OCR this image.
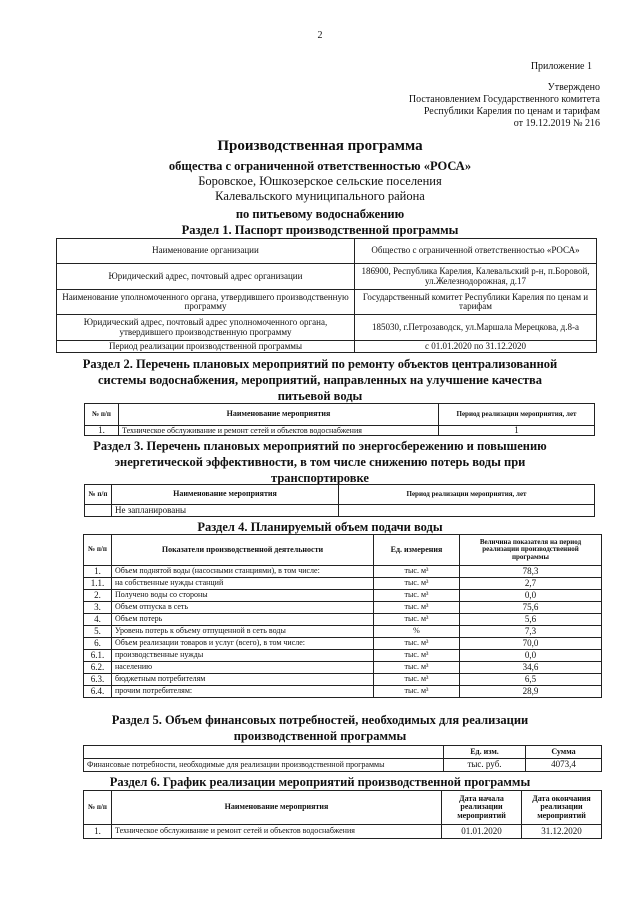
2
Приложение 1
Утверждено
Постановлением Государственного комитета
Республики Карелия по ценам и тарифам
от 19.12.2019 № 216
Производственная программа
общества с ограниченной ответственностью «РОСА»
Боровское, Юшкозерское сельские поселения
Калевальского муниципального района
по питьевому водоснабжению
Раздел 1. Паспорт производственной программы
Наименование организации	Общество с ограниченной ответственностью «РОСА»
Юридический адрес, почтовый адрес организации	186900, Республика Карелия, Калевальский р-н, п.Боровой, ул.Железнодорожная, д.17
Наименование уполномоченного органа, утвердившего производственную программу	Государственный комитет Республики Карелия по ценам и тарифам
Юридический адрес, почтовый адрес уполномоченного органа, утвердившего производственную программу	185030, г.Петрозаводск, ул.Маршала Мерецкова, д.8-а
Период реализации производственной программы	с 01.01.2020 по 31.12.2020
Раздел 2. Перечень плановых мероприятий по ремонту объектов централизованной системы водоснабжения, мероприятий, направленных на улучшение качества питьевой воды
№ п/п	Наименование мероприятия	Период реализации мероприятия, лет
1.	Техническое обслуживание и ремонт сетей и объектов водоснабжения	1
Раздел 3. Перечень плановых мероприятий по энергосбережению и повышению энергетической эффективности, в том числе снижению потерь воды при транспортировке
№ п/п	Наименование мероприятия	Период реализации мероприятия, лет
	Не запланированы	
Раздел 4. Планируемый объем подачи воды
№ п/п	Показатели производственной деятельности	Ед. измерения	Величина показателя на период реализации производственной программы
1.	Объем поднятой воды (насосными станциями), в том числе:	тыс. м³	78,3
1.1.	на собственные нужды станций	тыс. м³	2,7
2.	Получено воды со стороны	тыс. м³	0,0
3.	Объем отпуска в сеть	тыс. м³	75,6
4.	Объем потерь	тыс. м³	5,6
5.	Уровень потерь к объему отпущенной в сеть воды	%	7,3
6.	Объем реализации товаров и услуг (всего), в том числе:	тыс. м³	70,0
6.1.	производственные нужды	тыс. м³	0,0
6.2.	населению	тыс. м³	34,6
6.3.	бюджетным потребителям	тыс. м³	6,5
6.4.	прочим потребителям:	тыс. м³	28,9
Раздел 5. Объем финансовых потребностей, необходимых для реализации производственной программы
	Ед. изм.	Сумма
Финансовые потребности, необходимые для реализации производственной программы	тыс. руб.	4073,4
Раздел 6. График реализации мероприятий производственной программы
№ п/п	Наименование мероприятия	Дата начала реализации мероприятий	Дата окончания реализации мероприятий
1.	Техническое обслуживание и ремонт сетей и объектов водоснабжения	01.01.2020	31.12.2020
